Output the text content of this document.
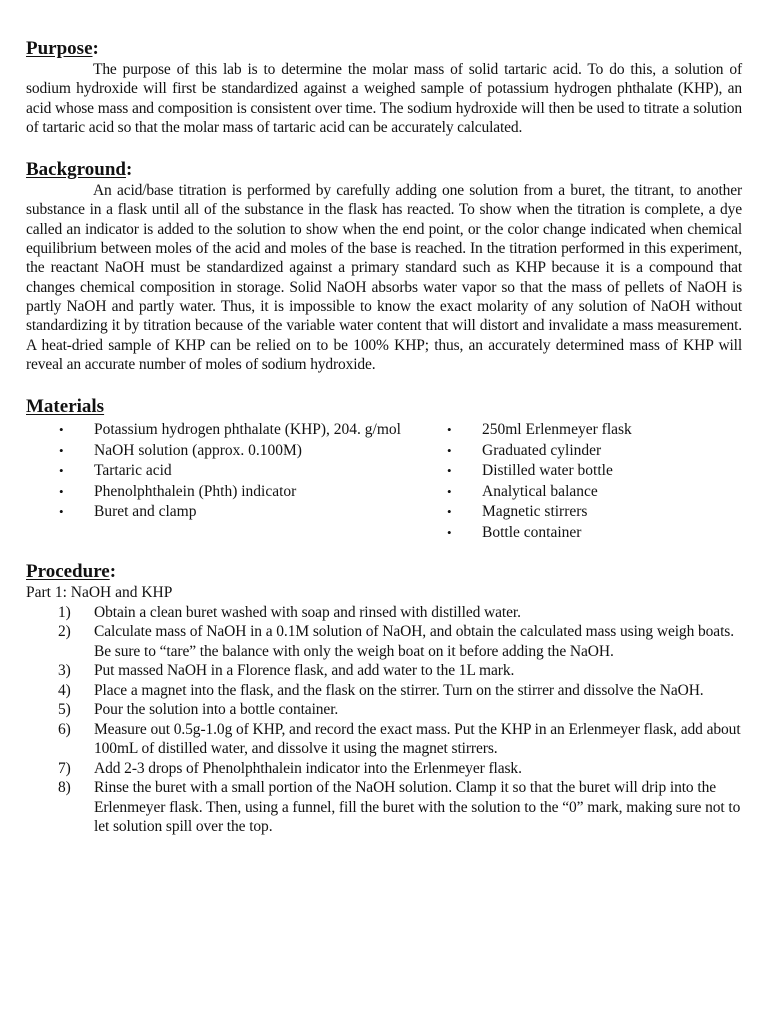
Purpose:

The purpose of this lab is to determine the molar mass of solid tartaric acid. To do this, a solution of sodium hydroxide will first be standardized against a weighed sample of potassium hydrogen phthalate (KHP), an acid whose mass and composition is consistent over time. The sodium hydroxide will then be used to titrate a solution of tartaric acid so that the molar mass of tartaric acid can be accurately calculated.

Background:

An acid/base titration is performed by carefully adding one solution from a buret, the titrant, to another substance in a flask until all of the substance in the flask has reacted. To show when the titration is complete, a dye called an indicator is added to the solution to show when the end point, or the color change indicated when chemical equilibrium between moles of the acid and moles of the base is reached. In the titration performed in this experiment, the reactant NaOH must be standardized against a primary standard such as KHP because it is a compound that changes chemical composition in storage. Solid NaOH absorbs water vapor so that the mass of pellets of NaOH is partly NaOH and partly water. Thus, it is impossible to know the exact molarity of any solution of NaOH without standardizing it by titration because of the variable water content that will distort and invalidate a mass measurement. A heat-dried sample of KHP can be relied on to be 100% KHP; thus, an accurately determined mass of KHP will reveal an accurate number of moles of sodium hydroxide.

Materials
• Potassium hydrogen phthalate (KHP), 204. g/mol
• NaOH solution (approx. 0.100M)
• Tartaric acid
• Phenolphthalein (Phth) indicator
• Buret and clamp
• 250ml Erlenmeyer flask
• Graduated cylinder
• Distilled water bottle
• Analytical balance
• Magnetic stirrers
• Bottle container
Procedure:

Part 1: NaOH and KHP

1) Obtain a clean buret washed with soap and rinsed with distilled water.
2) Calculate mass of NaOH in a 0.1M solution of NaOH, and obtain the calculated mass using weigh boats. Be sure to “tare” the balance with only the weigh boat on it before adding the NaOH.
3) Put massed NaOH in a Florence flask, and add water to the 1L mark.
4) Place a magnet into the flask, and the flask on the stirrer. Turn on the stirrer and dissolve the NaOH.
5) Pour the solution into a bottle container.
6) Measure out 0.5g-1.0g of KHP, and record the exact mass. Put the KHP in an Erlenmeyer flask, add about 100mL of distilled water, and dissolve it using the magnet stirrers.
7) Add 2-3 drops of Phenolphthalein indicator into the Erlenmeyer flask.
8) Rinse the buret with a small portion of the NaOH solution. Clamp it so that the buret will drip into the Erlenmeyer flask. Then, using a funnel, fill the buret with the solution to the “0” mark, making sure not to let solution spill over the top.
